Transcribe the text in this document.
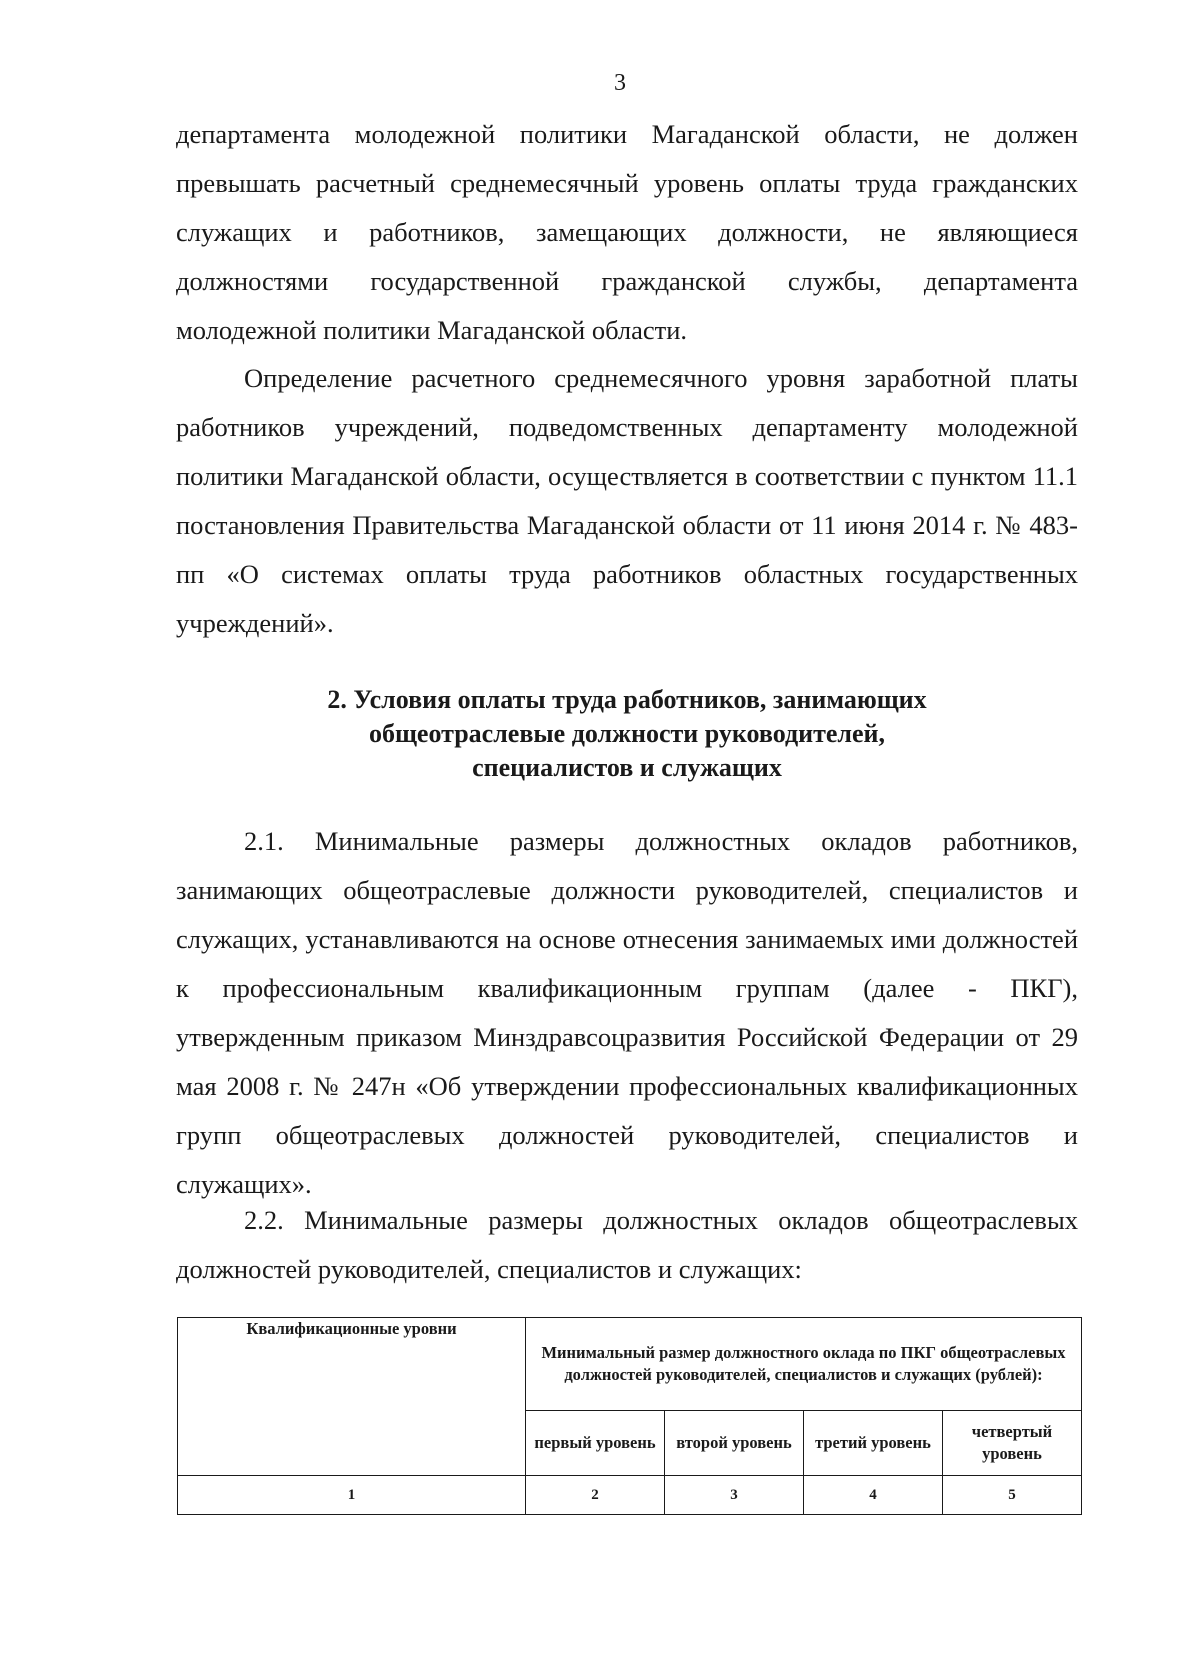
3

департамента молодежной политики Магаданской области, не должен превышать расчетный среднемесячный уровень оплаты труда гражданских служащих и работников, замещающих должности, не являющиеся должностями государственной гражданской службы, департамента молодежной политики Магаданской области.

Определение расчетного среднемесячного уровня заработной платы работников учреждений, подведомственных департаменту молодежной политики Магаданской области, осуществляется в соответствии с пунктом 11.1 постановления Правительства Магаданской области от 11 июня 2014 г. № 483-пп «О системах оплаты труда работников областных государственных учреждений».

2. Условия оплаты труда работников, занимающих
общеотраслевые должности руководителей,
специалистов и служащих

2.1. Минимальные размеры должностных окладов работников, занимающих общеотраслевые должности руководителей, специалистов и служащих, устанавливаются на основе отнесения занимаемых ими должностей к профессиональным квалификационным группам (далее - ПКГ), утвержденным приказом Минздравсоцразвития Российской Федерации от 29 мая 2008 г. № 247н «Об утверждении профессиональных квалификационных групп общеотраслевых должностей руководителей, специалистов и служащих».

2.2. Минимальные размеры должностных окладов общеотраслевых должностей руководителей, специалистов и служащих:

Квалификационные уровни	Минимальный размер должностного оклада по ПКГ общеотраслевых должностей руководителей, специалистов и служащих (рублей):			
	первый уровень	второй уровень	третий уровень	четвертый уровень
1	2	3	4	5
